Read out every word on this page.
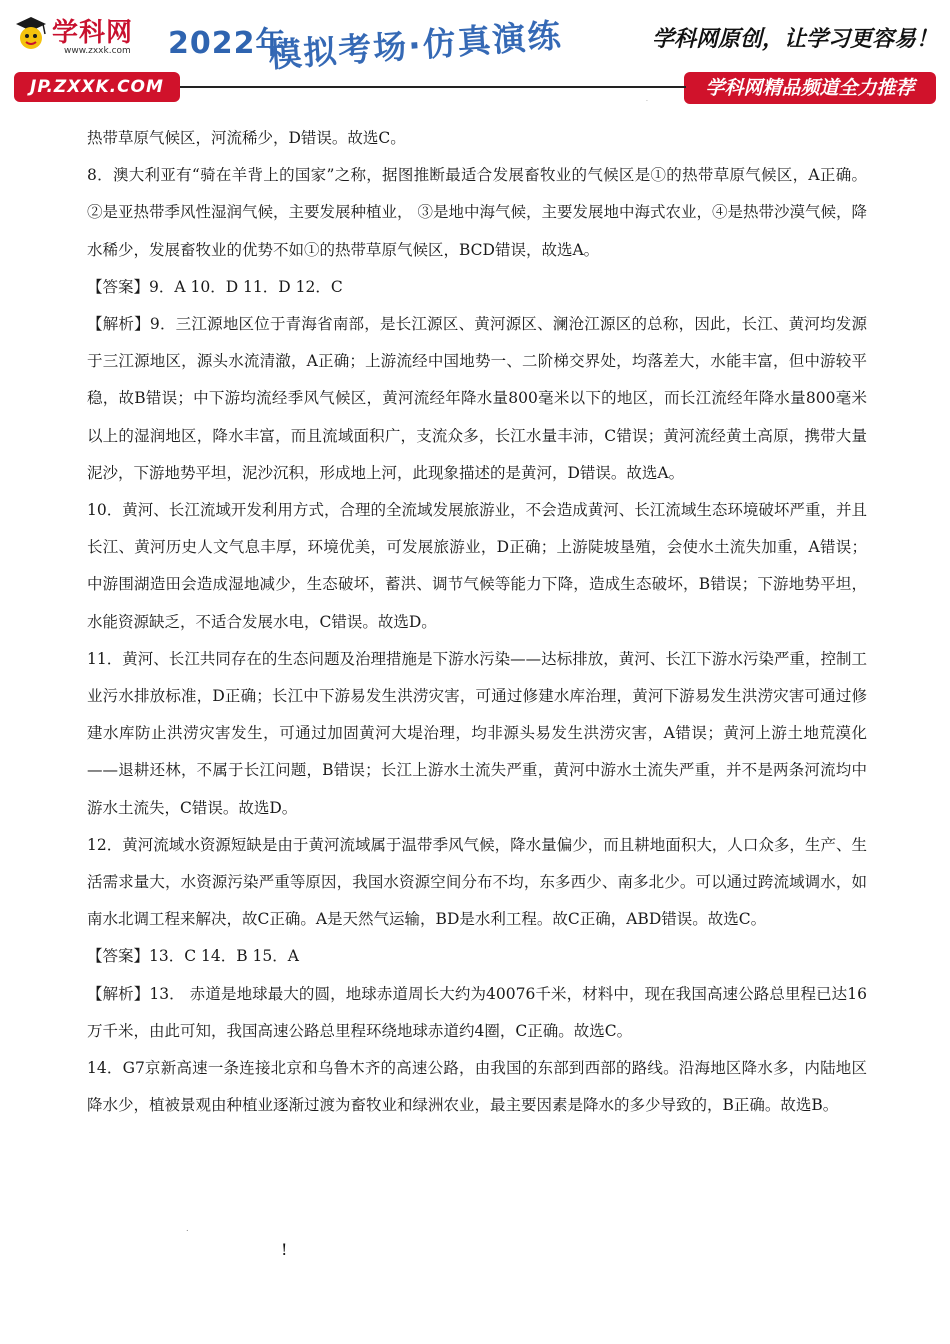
学科网
www.zxxk.com
JP.ZXXK.COM
2022年
模拟考场·仿真演练	学科网原创，让学习更容易！
学科网精品频道全力推荐
.

热带草原气候区，河流稀少，D错误。故选C。

8．澳大利亚有“骑在羊背上的国家”之称，据图推断最适合发展畜牧业的气候区是①的热带草原气候区，A正确。②是亚热带季风性湿润气候，主要发展种植业， ③是地中海气候，主要发展地中海式农业，④是热带沙漠气候，降水稀少，发展畜牧业的优势不如①的热带草原气候区，BCD错误，故选A。

【答案】9．A 10．D 11．D 12．C

【解析】9．三江源地区位于青海省南部，是长江源区、黄河源区、澜沧江源区的总称，因此，长江、黄河均发源于三江源地区，源头水流清澈，A正确；上游流经中国地势一、二阶梯交界处，均落差大，水能丰富，但中游较平稳，故B错误；中下游均流经季风气候区，黄河流经年降水量800毫米以下的地区，而长江流经年降水量800毫米以上的湿润地区，降水丰富，而且流域面积广，支流众多，长江水量丰沛，C错误；黄河流经黄土高原，携带大量泥沙，下游地势平坦，泥沙沉积，形成地上河，此现象描述的是黄河，D错误。故选A。

10．黄河、长江流域开发利用方式，合理的全流域发展旅游业，不会造成黄河、长江流域生态环境破坏严重，并且长江、黄河历史人文气息丰厚，环境优美，可发展旅游业，D正确；上游陡坡垦殖，会使水土流失加重，A错误；中游围湖造田会造成湿地减少，生态破坏，蓄洪、调节气候等能力下降，造成生态破坏，B错误；下游地势平坦，水能资源缺乏，不适合发展水电，C错误。故选D。

11．黄河、长江共同存在的生态问题及治理措施是下游水污染——达标排放，黄河、长江下游水污染严重，控制工业污水排放标准，D正确；长江中下游易发生洪涝灾害，可通过修建水库治理，黄河下游易发生洪涝灾害可通过修建水库防止洪涝灾害发生，可通过加固黄河大堤治理，均非源头易发生洪涝灾害，A错误；黄河上游土地荒漠化——退耕还林，不属于长江问题，B错误；长江上游水土流失严重，黄河中游水土流失严重，并不是两条河流均中游水土流失，C错误。故选D。

12．黄河流域水资源短缺是由于黄河流域属于温带季风气候，降水量偏少，而且耕地面积大，人口众多，生产、生活需求量大，水资源污染严重等原因，我国水资源空间分布不均，东多西少、南多北少。可以通过跨流域调水，如南水北调工程来解决，故C正确。A是天然气运输，BD是水利工程。故C正确，ABD错误。故选C。

【答案】13．C 14．B 15．A

【解析】13． 赤道是地球最大的圆，地球赤道周长大约为40076千米，材料中，现在我国高速公路总里程已达16万千米，由此可知，我国高速公路总里程环绕地球赤道约4圈，C正确。故选C。

14．G7京新高速一条连接北京和乌鲁木齐的高速公路，由我国的东部到西部的路线。沿海地区降水多，内陆地区降水少，植被景观由种植业逐渐过渡为畜牧业和绿洲农业，最主要因素是降水的多少导致的，B正确。故选B。

.
!
